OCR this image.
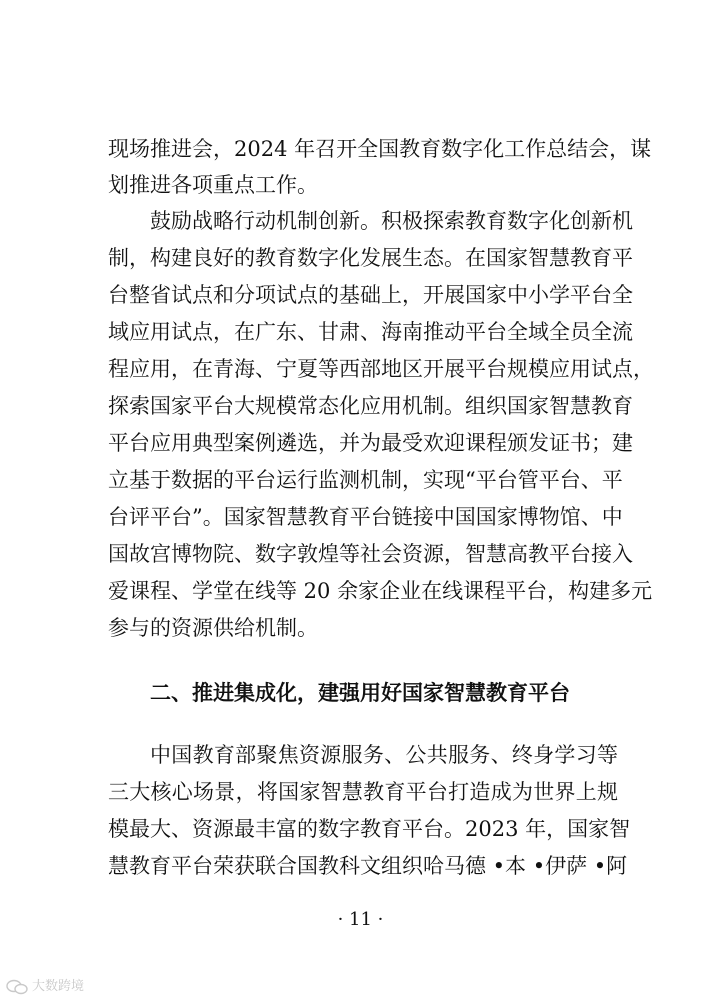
现场推进会，2024 年召开全国教育数字化工作总结会，谋
划推进各项重点工作。
鼓励战略行动机制创新。积极探索教育数字化创新机
制，构建良好的教育数字化发展生态。在国家智慧教育平
台整省试点和分项试点的基础上，开展国家中小学平台全
域应用试点，在广东、甘肃、海南推动平台全域全员全流
程应用，在青海、宁夏等西部地区开展平台规模应用试点，
探索国家平台大规模常态化应用机制。组织国家智慧教育
平台应用典型案例遴选，并为最受欢迎课程颁发证书；建
立基于数据的平台运行监测机制，实现“平台管平台、平
台评平台”。国家智慧教育平台链接中国国家博物馆、中
国故宫博物院、数字敦煌等社会资源，智慧高教平台接入
爱课程、学堂在线等 20 余家企业在线课程平台，构建多元
参与的资源供给机制。
二、推进集成化，建强用好国家智慧教育平台
中国教育部聚焦资源服务、公共服务、终身学习等
三大核心场景，将国家智慧教育平台打造成为世界上规
模最大、资源最丰富的数字教育平台。2023 年，国家智
慧教育平台荣获联合国教科文组织哈马德 •本 •伊萨 •阿
· 11 ·
大数跨境
